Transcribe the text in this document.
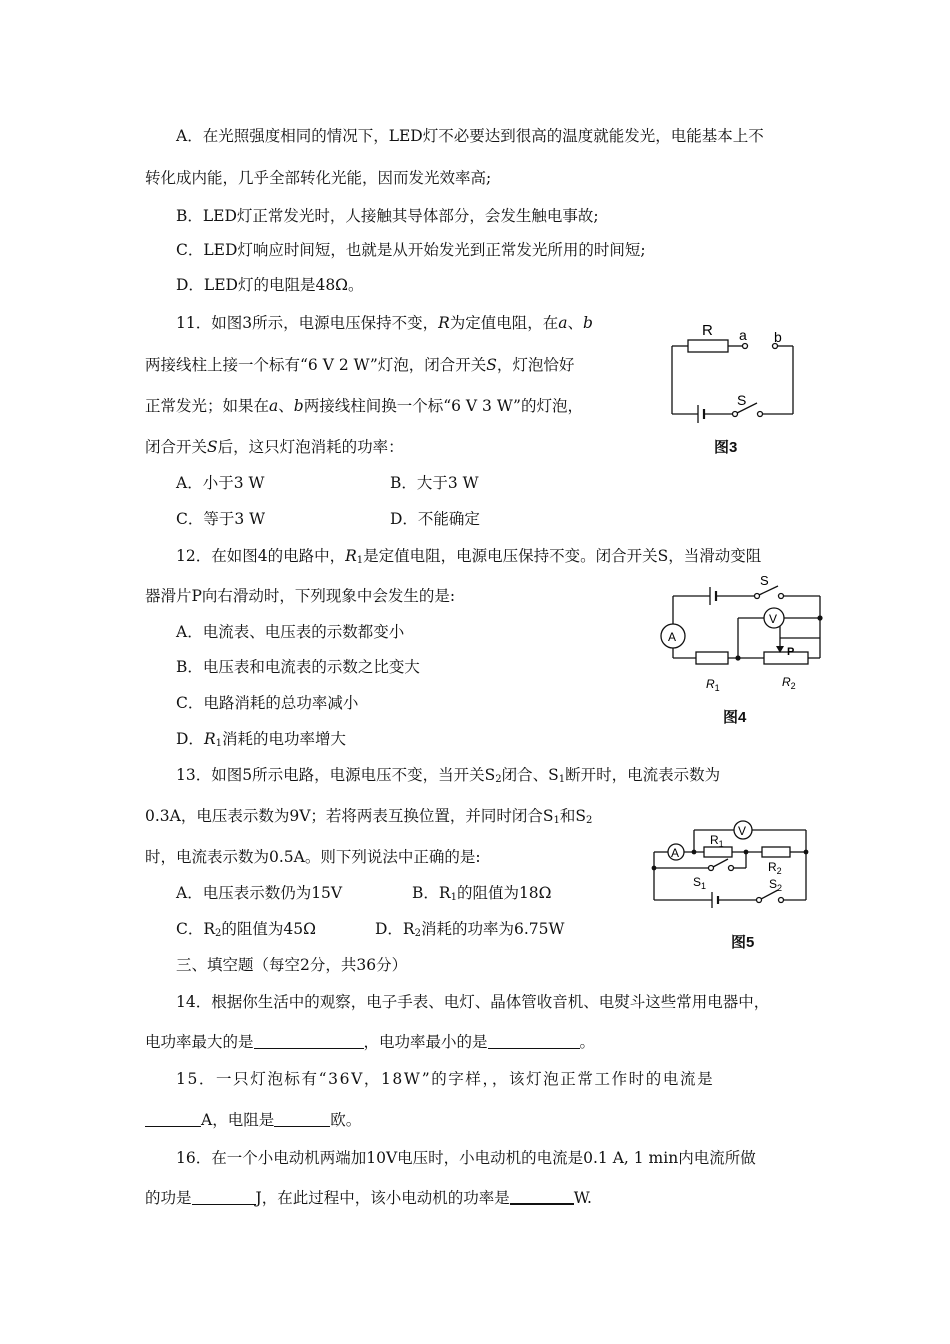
A．在光照强度相同的情况下，LED灯不必要达到很高的温度就能发光，电能基本上不
转化成内能，几乎全部转化光能，因而发光效率高;
B．LED灯正常发光时，人接触其导体部分，会发生触电事故;
C．LED灯响应时间短，也就是从开始发光到正常发光所用的时间短;
D．LED灯的电阻是48Ω。
11．如图3所示，电源电压保持不变，R为定值电阻，在a、b
两接线柱上接一个标有“6 V 2 W”灯泡，闭合开关S，灯泡恰好
正常发光；如果在a、b两接线柱间换一个标“6 V 3 W”的灯泡，
闭合开关S后，这只灯泡消耗的功率：
A．小于3 W	B．大于3 W
C．等于3 W	D．不能确定
R a b
S
图3
12．在如图4的电路中，$R_1$是定值电阻，电源电压保持不变。闭合开关S，当滑动变阻
器滑片P向右滑动时，下列现象中会发生的是:
A．电流表、电压表的示数都变小
B．电压表和电流表的示数之比变大
C．电路消耗的总功率减小
D．$R_1$消耗的电功率增大
S
V
A
P
$R_1$	$R_2$
图4
13．如图5所示电路，电源电压不变，当开关$S_2$闭合、$S_1$断开时，电流表示数为
0.3A，电压表示数为9V；若将两表互换位置，并同时闭合$S_1$和$S_2$
时，电流表示数为0.5A。则下列说法中正确的是:
A．电压表示数仍为15V	B．$R_1$的阻值为18Ω
C．$R_2$的阻值为45Ω	D．$R_2$消耗的功率为6.75W
V
A
$R_1$
$R_2$
$S_1$	$S_2$
图5
三、填空题（每空2分，共36分）
14．根据你生活中的观察，电子手表、电灯、晶体管收音机、电熨斗这些常用电器中，
电功率最大的是	，电功率最小的是	。
15．一只灯泡标有“36V，18W”的字样，，该灯泡正常工作时的电流是
A，电阻是	欧。
16．在一个小电动机两端加10V电压时，小电动机的电流是0.1 A, 1 min内电流所做
的功是	J，在此过程中，该小电动机的功率是	W.
